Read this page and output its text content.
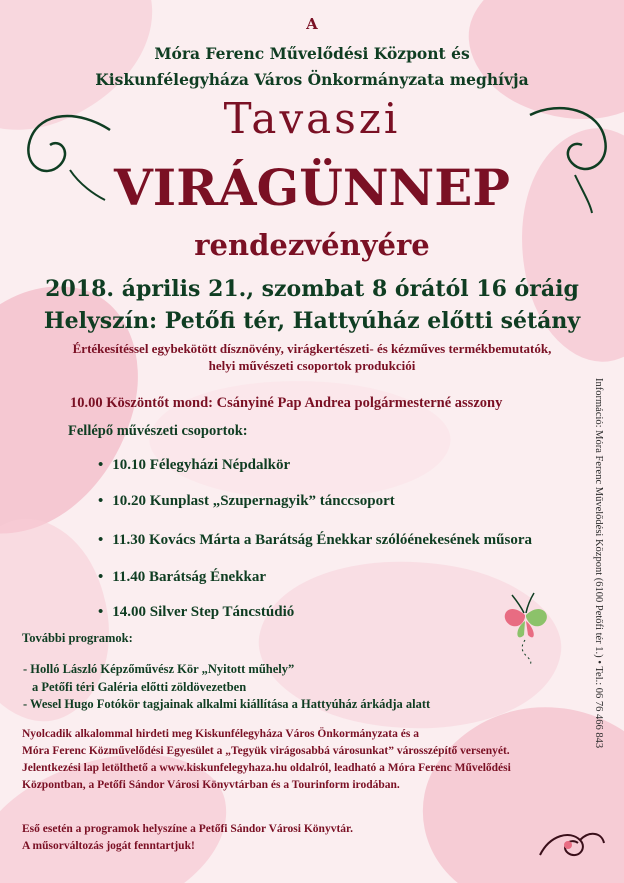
A

Móra Ferenc Művelődési Központ és

Kiskunfélegyháza Város Önkormányzata meghívja

Tavaszi

VIRÁGÜNNEP

rendezvényére

2018. április 21., szombat 8 órától 16 óráig

Helyszín: Petőfi tér, Hattyúház előtti sétány

Értékesítéssel egybekötött dísznövény, virágkertészeti- és kézműves termékbemutatók,

helyi művészeti csoportok produkciói

10.00 Köszöntőt mond: Csányiné Pap Andrea polgármesterné asszony

Fellépő művészeti csoportok:

• 10.10 Félegyházi Népdalkör
• 10.20 Kunplast „Szupernagyik” tánccsoport
• 11.30 Kovács Márta a Barátság Énekkar szólóénekesének műsora
• 11.40 Barátság Énekkar
• 14.00 Silver Step Táncstúdió

További programok:

- Holló László Képzőművész Kör „Nyitott műhely”

a Petőfi téri Galéria előtti zöldövezetben

- Wesel Hugo Fotókör tagjainak alkalmi kiállítása a Hattyúház árkádja alatt

Nyolcadik alkalommal hirdeti meg Kiskunfélegyháza Város Önkormányzata és a

Móra Ferenc Közművelődési Egyesület a „Tegyük virágosabbá városunkat” városszépítő versenyét.

Jelentkezési lap letölthető a www.kiskunfelegyhaza.hu oldalról, leadható a Móra Ferenc Művelődési

Központban, a Petőfi Sándor Városi Könyvtárban és a Tourinform irodában.

Eső esetén a programok helyszíne a Petőfi Sándor Városi Könyvtár.

A műsorváltozás jogát fenntartjuk!

Információ: Móra Ferenc Művelődési Központ (6100 Petőfi tér 1.) • Tel.: 06 76 466 843
